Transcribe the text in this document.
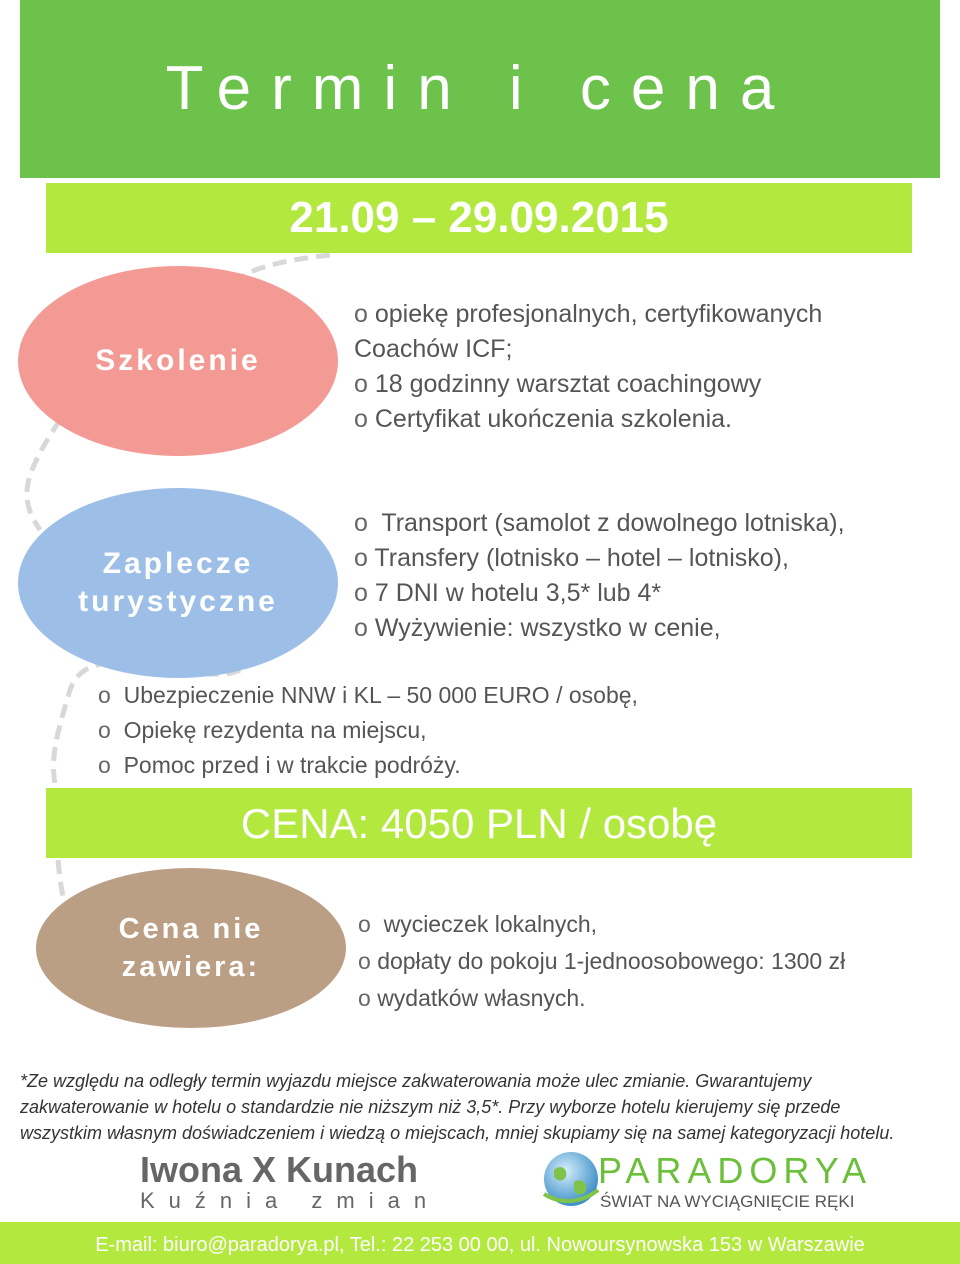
Termin i cena
21.09 – 29.09.2015
Szkolenie
o opiekę profesjonalnych, certyfikowanych
Coachów ICF;
o 18 godzinny warsztat coachingowy
o Certyfikat ukończenia szkolenia.
Zaplecze
turystyczne
o Transport (samolot z dowolnego lotniska),
o Transfery (lotnisko – hotel – lotnisko),
o 7 DNI w hotelu 3,5* lub 4*
o Wyżywienie: wszystko w cenie,
o Ubezpieczenie NNW i KL – 50 000 EURO / osobę,
o Opiekę rezydenta na miejscu,
o Pomoc przed i w trakcie podróży.
CENA: 4050 PLN / osobę
Cena nie
zawiera:
o wycieczek lokalnych,
o dopłaty do pokoju 1-jednoosobowego: 1300 zł
o wydatków własnych.
*Ze względu na odległy termin wyjazdu miejsce zakwaterowania może ulec zmianie. Gwarantujemy zakwaterowanie w hotelu o standardzie nie niższym niż 3,5*. Przy wyborze hotelu kierujemy się przede wszystkim własnym doświadczeniem i wiedzą o miejscach, mniej skupiamy się na samej kategoryzacji hotelu.
Iwona X Kunach
Kuźnia zmian
PARADORYA
ŚWIAT NA WYCIĄGNIĘCIE RĘKI
E-mail: biuro@paradorya.pl, Tel.: 22 253 00 00, ul. Nowoursynowska 153 w Warszawie
